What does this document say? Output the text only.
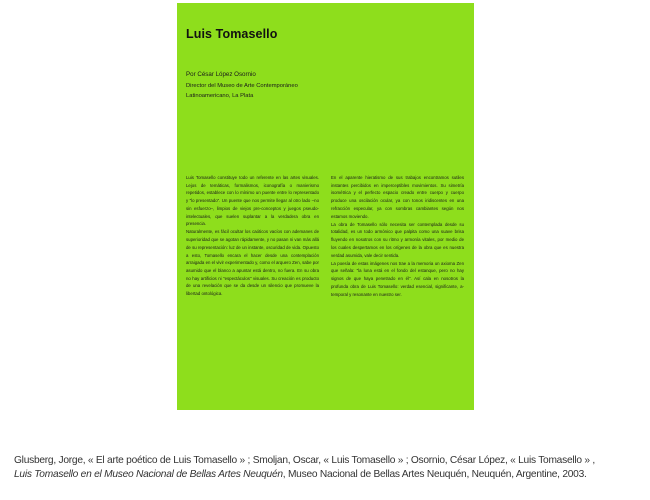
Luis Tomasello
Por César López Osornio
Director del Museo de Arte Contemporáneo
Latinoamericano, La Plata

Luis Tomasello constituye todo un referente en las artes visuales. Lejos de temáticas, formalismos, iconografía o manierismo repetidos, establece con lo mínimo un puente entre lo representado y "lo presentado". Un puente que nos permite llegar al otro lado –no sin esfuerzo–, limpios de viejos pre-conceptos y juegos pseudo-intelectuales, que suelen suplantar a la verdadera obra en presencia.

Naturalmente, es fácil ocultar los caóticos vacíos con ademanes de superioridad que se agotan rápidamente, y no pasan ni van más allá de su representación: luz de un instante, oscuridad de vida. Opuesto a esto, Tomasello encara el hacer desde una contemplación arraigada en el vivir experimentado y, como el arquero Zen, sabe por asumido que el blanco a apuntar está dentro, no fuera. En su obra no hay artificios ni "espectáculos" visuales. Su creación es producto de una revelación que se da desde un silencio que promueve la libertad ontológica.

En el aparente hieratismo de sus trabajos encontramos sutiles instantes percibidos en imperceptibles movimientos. Su simetría isométrica y el perfecto espacio creado entre cuerpo y cuerpo produce una oscilación ocular, ya con tonos iridiscentes en una refracción especular, ya con sombras cambiantes según nos estamos moviendo.

La obra de Tomasello sólo necesita ser contemplada desde su totalidad, es un todo armónico que palpita como una suave brisa fluyendo en nosotros con su ritmo y armonía vitales, por medio de los cuales despertamos en los orígenes de la obra que es nuestra verdad asumida, vale decir sentida.

La poesía de estas imágenes nos trae a la memoria un axioma Zen que señala: "la luna está en el fondo del estanque, pero no hay signos de que haya penetrado en él". Así cala en nosotros la profunda obra de Luis Tomasello: verdad esencial, significante, a-temporal y resonante en nuestro ser.

Glusberg, Jorge, « El arte poético de Luis Tomasello » ; Smoljan, Oscar, « Luis Tomasello » ; Osornio, César López, « Luis Tomasello » ,
Luis Tomasello en el Museo Nacional de Bellas Artes Neuquén, Museo Nacional de Bellas Artes Neuquén, Neuquén, Argentine, 2003.
